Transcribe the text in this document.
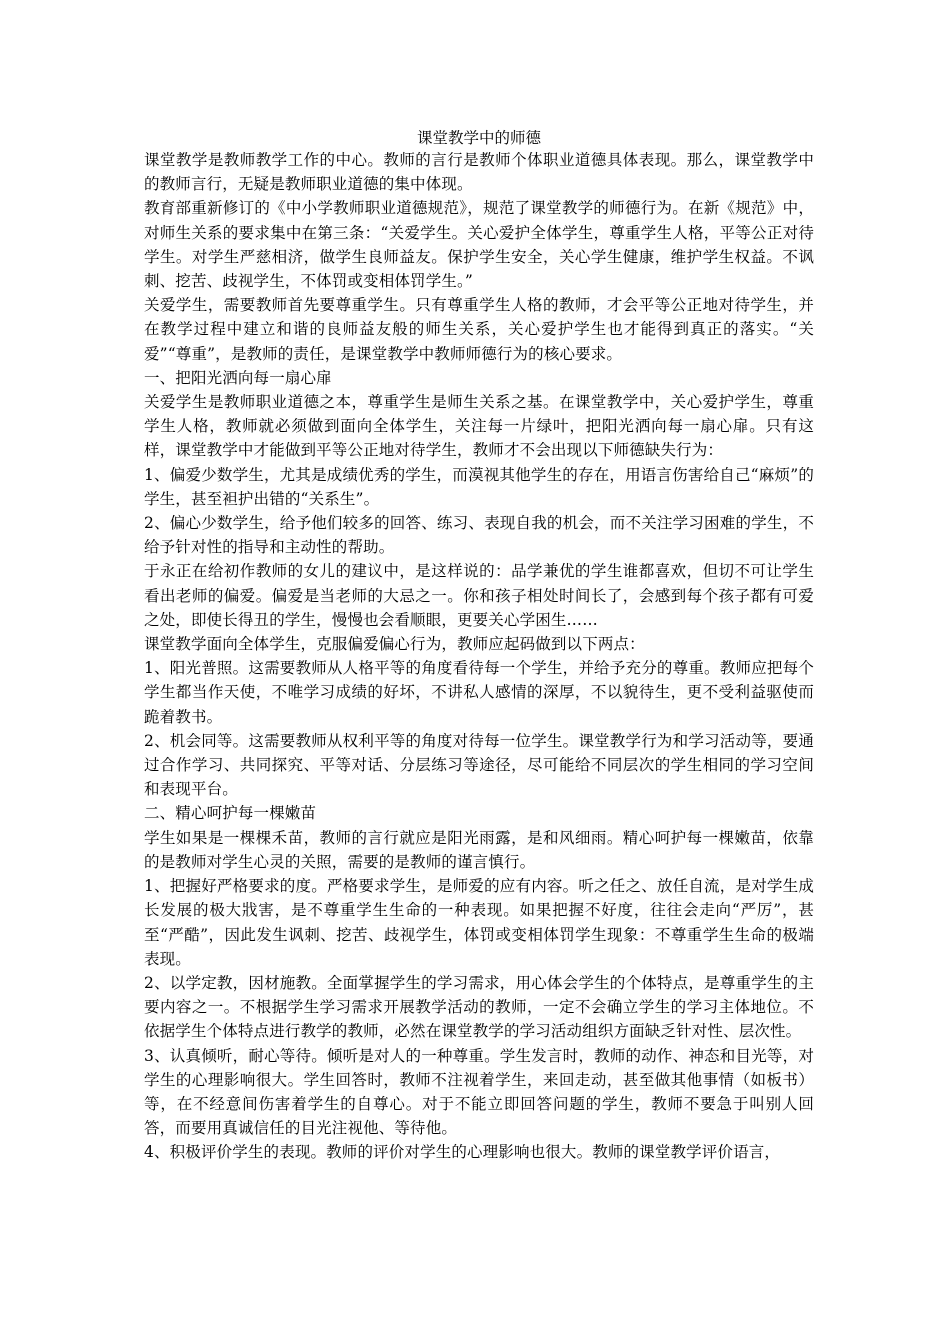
课堂教学中的师德

课堂教学是教师教学工作的中心。教师的言行是教师个体职业道德具体表现。那么，课堂教学中的教师言行，无疑是教师职业道德的集中体现。

教育部重新修订的《中小学教师职业道德规范》，规范了课堂教学的师德行为。在新《规范》中，对师生关系的要求集中在第三条：“关爱学生。关心爱护全体学生，尊重学生人格，平等公正对待学生。对学生严慈相济，做学生良师益友。保护学生安全，关心学生健康，维护学生权益。不讽刺、挖苦、歧视学生，不体罚或变相体罚学生。”

关爱学生，需要教师首先要尊重学生。只有尊重学生人格的教师，才会平等公正地对待学生，并在教学过程中建立和谐的良师益友般的师生关系，关心爱护学生也才能得到真正的落实。“关爱”“尊重”，是教师的责任，是课堂教学中教师师德行为的核心要求。

一、把阳光洒向每一扇心扉

关爱学生是教师职业道德之本，尊重学生是师生关系之基。在课堂教学中，关心爱护学生，尊重学生人格，教师就必须做到面向全体学生，关注每一片绿叶，把阳光洒向每一扇心扉。只有这样，课堂教学中才能做到平等公正地对待学生，教师才不会出现以下师德缺失行为：

1、偏爱少数学生，尤其是成绩优秀的学生，而漠视其他学生的存在，用语言伤害给自己“麻烦”的学生，甚至袒护出错的“关系生”。

2、偏心少数学生，给予他们较多的回答、练习、表现自我的机会，而不关注学习困难的学生，不给予针对性的指导和主动性的帮助。

于永正在给初作教师的女儿的建议中，是这样说的：品学兼优的学生谁都喜欢，但切不可让学生看出老师的偏爱。偏爱是当老师的大忌之一。你和孩子相处时间长了，会感到每个孩子都有可爱之处，即使长得丑的学生，慢慢也会看顺眼，更要关心学困生……

课堂教学面向全体学生，克服偏爱偏心行为，教师应起码做到以下两点：

1、阳光普照。这需要教师从人格平等的角度看待每一个学生，并给予充分的尊重。教师应把每个学生都当作天使，不唯学习成绩的好坏，不讲私人感情的深厚，不以貌待生，更不受利益驱使而跪着教书。

2、机会同等。这需要教师从权利平等的角度对待每一位学生。课堂教学行为和学习活动等，要通过合作学习、共同探究、平等对话、分层练习等途径，尽可能给不同层次的学生相同的学习空间和表现平台。

二、精心呵护每一棵嫩苗

学生如果是一棵棵禾苗，教师的言行就应是阳光雨露，是和风细雨。精心呵护每一棵嫩苗，依靠的是教师对学生心灵的关照，需要的是教师的谨言慎行。

1、把握好严格要求的度。严格要求学生，是师爱的应有内容。听之任之、放任自流，是对学生成长发展的极大戕害，是不尊重学生生命的一种表现。如果把握不好度，往往会走向“严厉”，甚至“严酷”，因此发生讽刺、挖苦、歧视学生，体罚或变相体罚学生现象：不尊重学生生命的极端表现。

2、以学定教，因材施教。全面掌握学生的学习需求，用心体会学生的个体特点，是尊重学生的主要内容之一。不根据学生学习需求开展教学活动的教师，一定不会确立学生的学习主体地位。不依据学生个体特点进行教学的教师，必然在课堂教学的学习活动组织方面缺乏针对性、层次性。

3、认真倾听，耐心等待。倾听是对人的一种尊重。学生发言时，教师的动作、神态和目光等，对学生的心理影响很大。学生回答时，教师不注视着学生，来回走动，甚至做其他事情（如板书）等，在不经意间伤害着学生的自尊心。对于不能立即回答问题的学生，教师不要急于叫别人回答，而要用真诚信任的目光注视他、等待他。

4、积极评价学生的表现。教师的评价对学生的心理影响也很大。教师的课堂教学评价语言，
